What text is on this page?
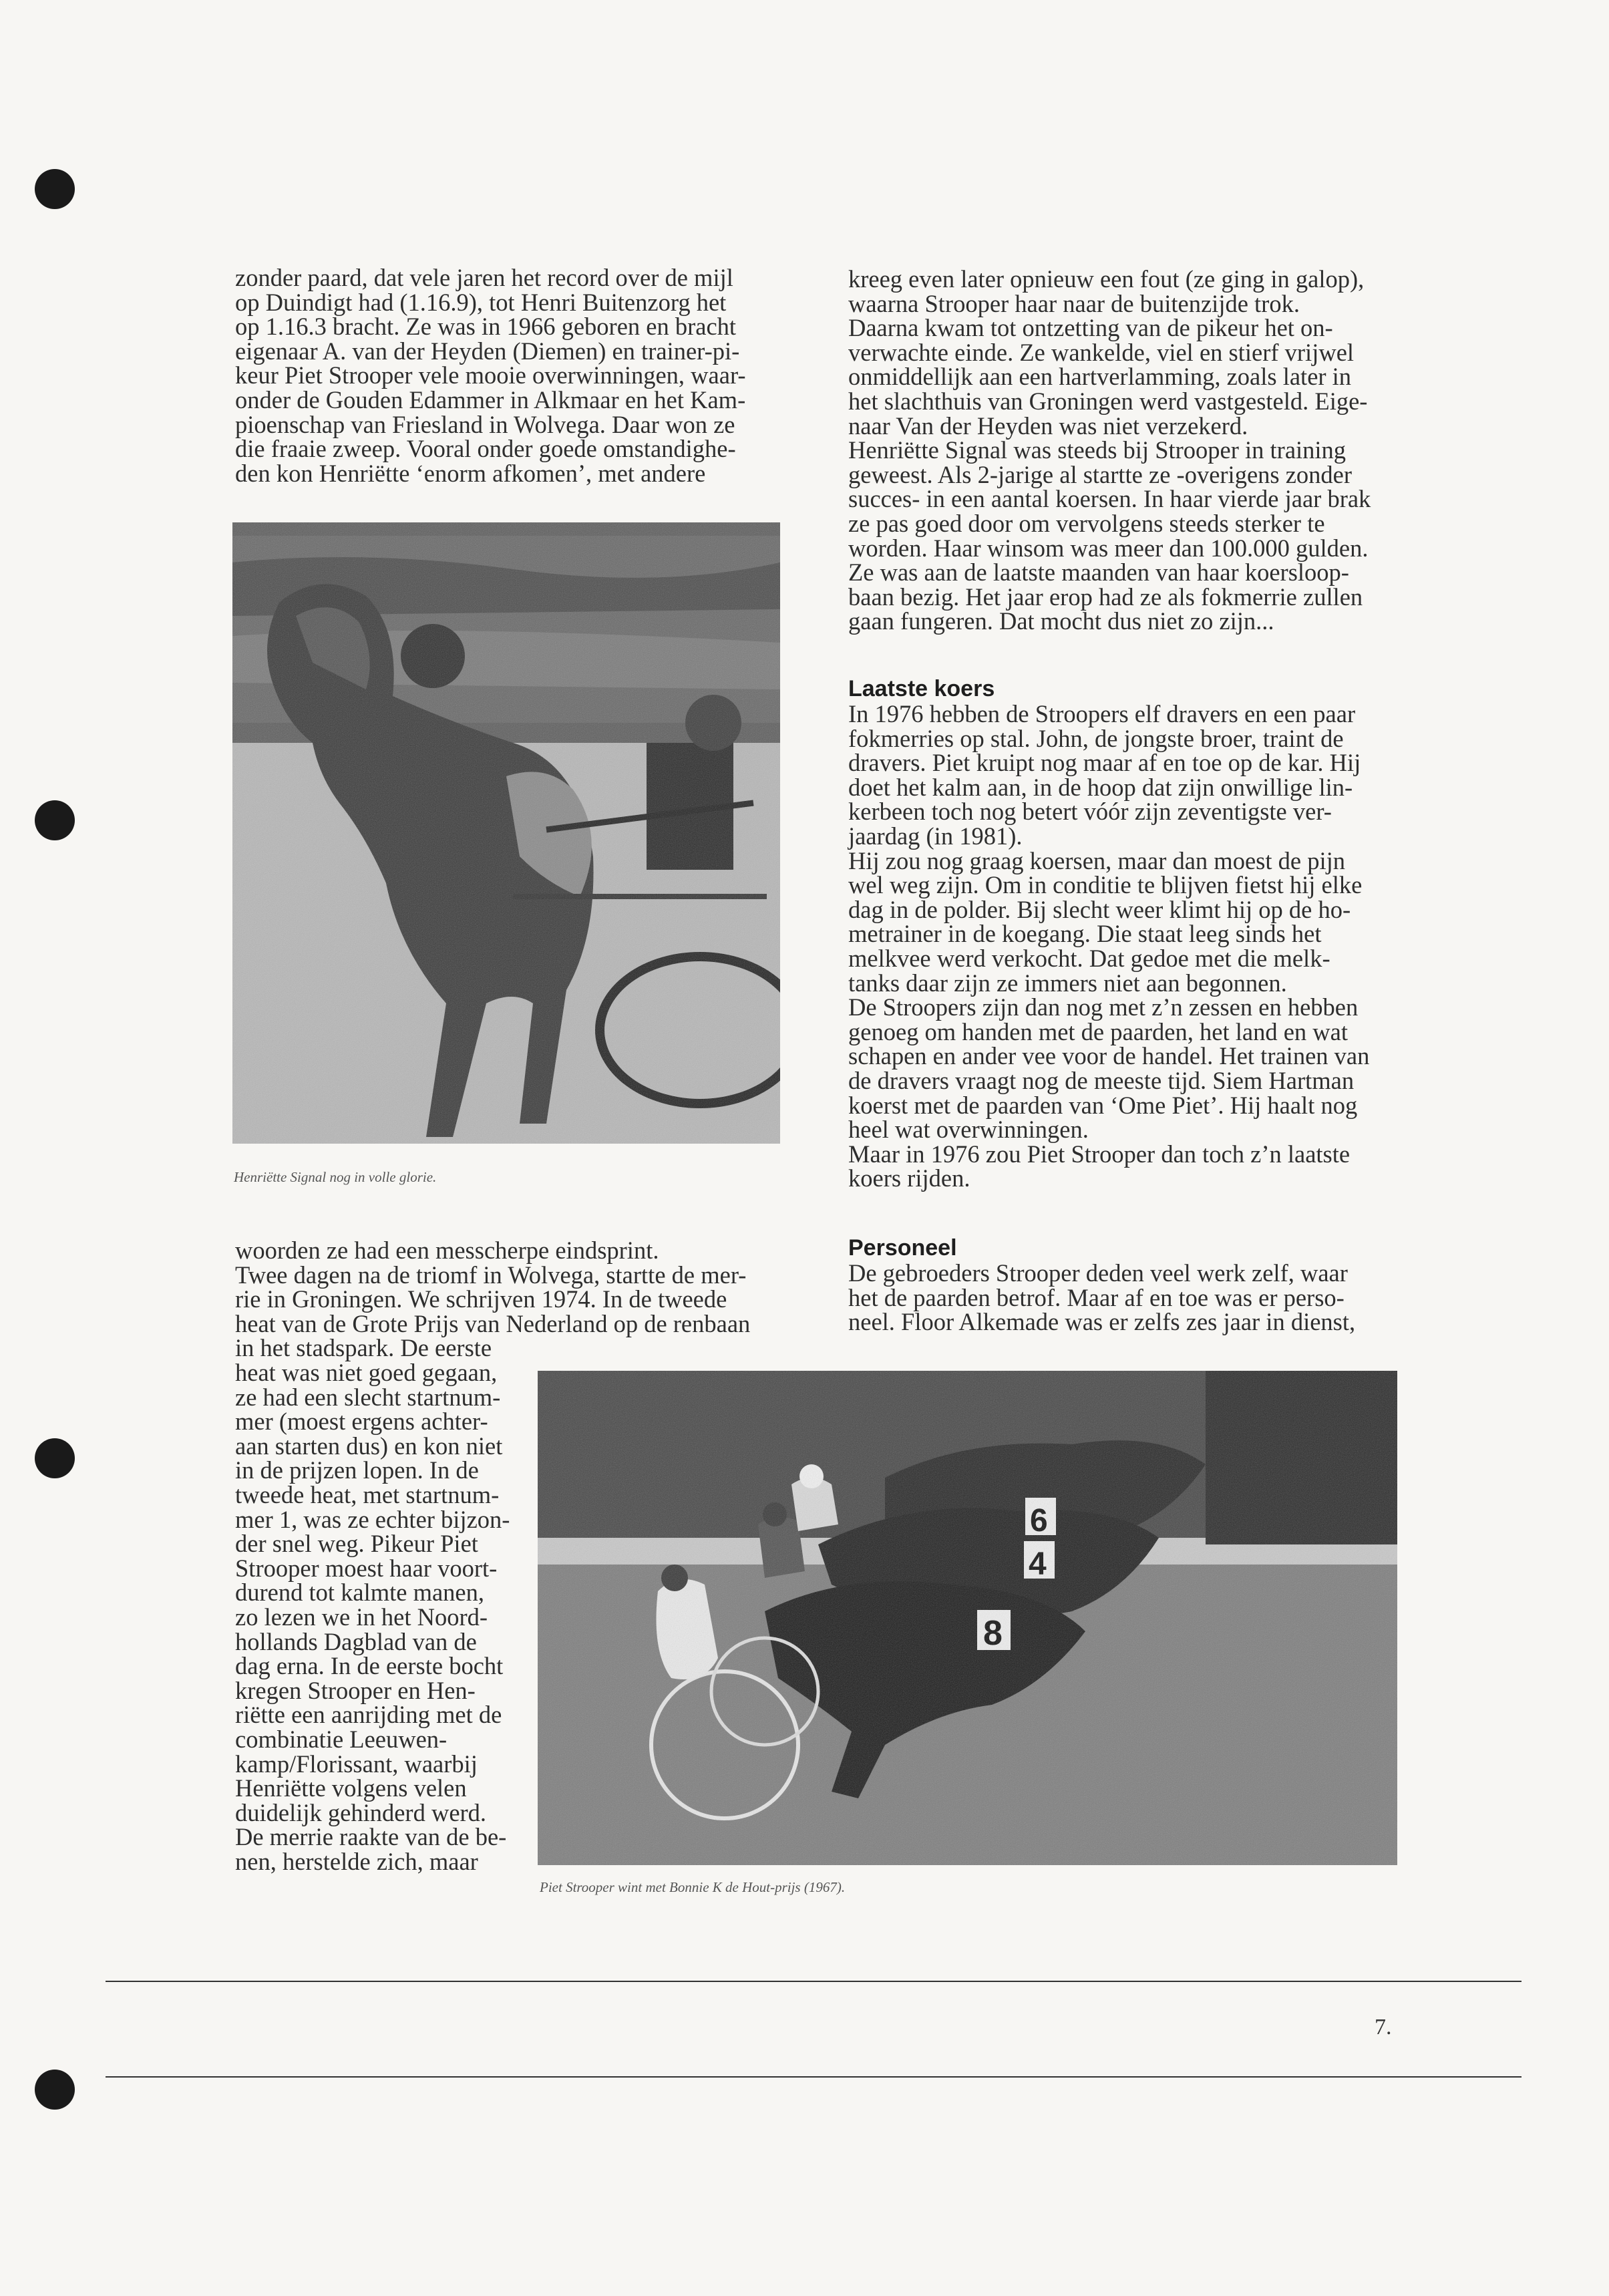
zonder paard, dat vele jaren het record over de mijl
op Duindigt had (1.16.9), tot Henri Buitenzorg het
op 1.16.3 bracht. Ze was in 1966 geboren en bracht
eigenaar A. van der Heyden (Diemen) en trainer-pi-
keur Piet Strooper vele mooie overwinningen, waar-
onder de Gouden Edammer in Alkmaar en het Kam-
pioenschap van Friesland in Wolvega. Daar won ze
die fraaie zweep. Vooral onder goede omstandighe-
den kon Henriëtte ‘enorm afkomen’, met andere

Henriëtte Signal nog in volle glorie.

woorden ze had een messcherpe eindsprint.
Twee dagen na de triomf in Wolvega, startte de mer-
rie in Groningen. We schrijven 1974. In de tweede
heat van de Grote Prijs van Nederland op de renbaan
in het stadspark. De eerste

heat was niet goed gegaan,
ze had een slecht startnum-
mer (moest ergens achter-
aan starten dus) en kon niet
in de prijzen lopen. In de
tweede heat, met startnum-
mer 1, was ze echter bijzon-
der snel weg. Pikeur Piet
Strooper moest haar voort-
durend tot kalmte manen,
zo lezen we in het Noord-
hollands Dagblad van de
dag erna. In de eerste bocht
kregen Strooper en Hen-
riëtte een aanrijding met de
combinatie Leeuwen-
kamp/Florissant, waarbij
Henriëtte volgens velen
duidelijk gehinderd werd.
De merrie raakte van de be-
nen, herstelde zich, maar

kreeg even later opnieuw een fout (ze ging in galop),
waarna Strooper haar naar de buitenzijde trok.
Daarna kwam tot ontzetting van de pikeur het on-
verwachte einde. Ze wankelde, viel en stierf vrijwel
onmiddellijk aan een hartverlamming, zoals later in
het slachthuis van Groningen werd vastgesteld. Eige-
naar Van der Heyden was niet verzekerd.
Henriëtte Signal was steeds bij Strooper in training
geweest. Als 2-jarige al startte ze -overigens zonder
succes- in een aantal koersen. In haar vierde jaar brak
ze pas goed door om vervolgens steeds sterker te
worden. Haar winsom was meer dan 100.000 gulden.
Ze was aan de laatste maanden van haar koersloop-
baan bezig. Het jaar erop had ze als fokmerrie zullen
gaan fungeren. Dat mocht dus niet zo zijn...

Laatste koers

In 1976 hebben de Stroopers elf dravers en een paar
fokmerries op stal. John, de jongste broer, traint de
dravers. Piet kruipt nog maar af en toe op de kar. Hij
doet het kalm aan, in de hoop dat zijn onwillige lin-
kerbeen toch nog betert vóór zijn zeventigste ver-
jaardag (in 1981).
Hij zou nog graag koersen, maar dan moest de pijn
wel weg zijn. Om in conditie te blijven fietst hij elke
dag in de polder. Bij slecht weer klimt hij op de ho-
metrainer in de koegang. Die staat leeg sinds het
melkvee werd verkocht. Dat gedoe met die melk-
tanks daar zijn ze immers niet aan begonnen.
De Stroopers zijn dan nog met z’n zessen en hebben
genoeg om handen met de paarden, het land en wat
schapen en ander vee voor de handel. Het trainen van
de dravers vraagt nog de meeste tijd. Siem Hartman
koerst met de paarden van ‘Ome Piet’. Hij haalt nog
heel wat overwinningen.
Maar in 1976 zou Piet Strooper dan toch z’n laatste
koers rijden.

Personeel

De gebroeders Strooper deden veel werk zelf, waar
het de paarden betrof. Maar af en toe was er perso-
neel. Floor Alkemade was er zelfs zes jaar in dienst,

Piet Strooper wint met Bonnie K de Hout-prijs (1967).

7.
